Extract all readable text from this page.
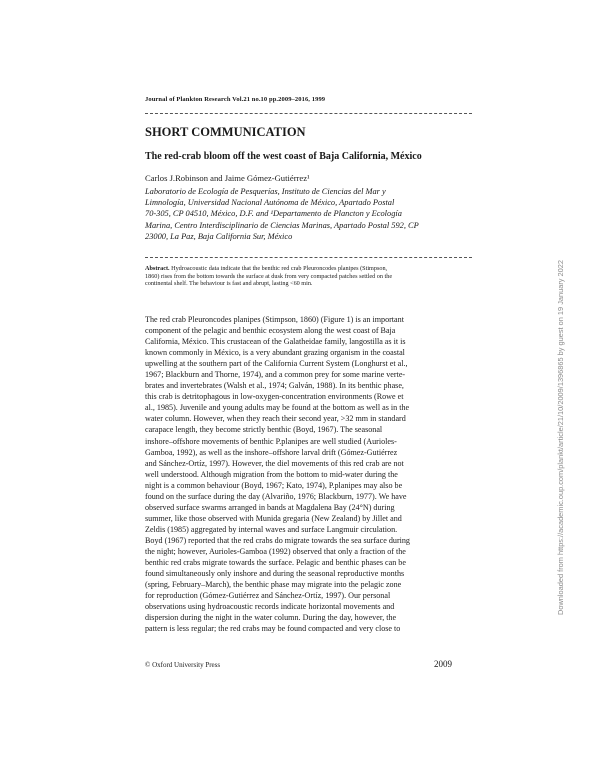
Journal of Plankton Research Vol.21 no.10 pp.2009–2016, 1999
SHORT COMMUNICATION
The red-crab bloom off the west coast of Baja California, México
Carlos J.Robinson and Jaime Gómez-Gutiérrez¹
Laboratorio de Ecología de Pesquerías, Instituto de Ciencias del Mar y
Limnología, Universidad Nacional Autónoma de México, Apartado Postal
70-305, CP 04510, México, D.F. and ¹Departamento de Plancton y Ecología
Marina, Centro Interdisciplinario de Ciencias Marinas, Apartado Postal 592, CP
23000, La Paz, Baja California Sur, México
Abstract. Hydroacoustic data indicate that the benthic red crab Pleuroncodes planipes (Stimpson,
1860) rises from the bottom towards the surface at dusk from very compacted patches settled on the
continental shelf. The behaviour is fast and abrupt, lasting <60 min.
The red crab Pleuroncodes planipes (Stimpson, 1860) (Figure 1) is an important
component of the pelagic and benthic ecosystem along the west coast of Baja
California, México. This crustacean of the Galatheidae family, langostilla as it is
known commonly in México, is a very abundant grazing organism in the coastal
upwelling at the southern part of the California Current System (Longhurst et al.,
1967; Blackburn and Thorne, 1974), and a common prey for some marine verte-
brates and invertebrates (Walsh et al., 1974; Galván, 1988). In its benthic phase,
this crab is detritophagous in low-oxygen-concentration environments (Rowe et
al., 1985). Juvenile and young adults may be found at the bottom as well as in the
water column. However, when they reach their second year, >32 mm in standard
carapace length, they become strictly benthic (Boyd, 1967). The seasonal
inshore–offshore movements of benthic P.planipes are well studied (Aurioles-
Gamboa, 1992), as well as the inshore–offshore larval drift (Gómez-Gutiérrez
and Sánchez-Ortíz, 1997). However, the diel movements of this red crab are not
well understood. Although migration from the bottom to mid-water during the
night is a common behaviour (Boyd, 1967; Kato, 1974), P.planipes may also be
found on the surface during the day (Alvariño, 1976; Blackburn, 1977). We have
observed surface swarms arranged in bands at Magdalena Bay (24°N) during
summer, like those observed with Munida gregaria (New Zealand) by Jillet and
Zeldis (1985) aggregated by internal waves and surface Langmuir circulation.
Boyd (1967) reported that the red crabs do migrate towards the sea surface during
the night; however, Aurioles-Gamboa (1992) observed that only a fraction of the
benthic red crabs migrate towards the surface. Pelagic and benthic phases can be
found simultaneously only inshore and during the seasonal reproductive months
(spring, February–March), the benthic phase may migrate into the pelagic zone
for reproduction (Gómez-Gutiérrez and Sánchez-Ortíz, 1997). Our personal
observations using hydroacoustic records indicate horizontal movements and
dispersion during the night in the water column. During the day, however, the
pattern is less regular; the red crabs may be found compacted and very close to
© Oxford University Press	2009
Downloaded from https://academic.oup.com/plankt/article/21/10/2009/1396865 by guest on 19 January 2022
